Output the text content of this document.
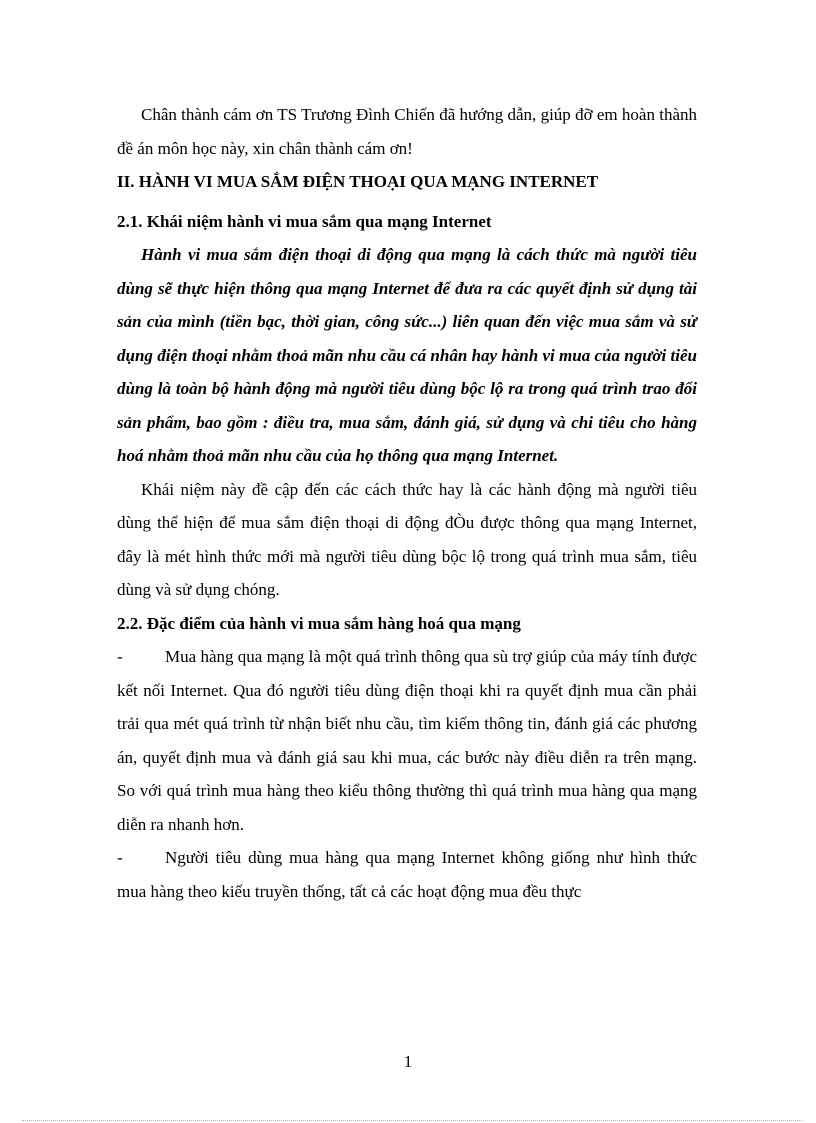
Chân thành cám ơn TS Trương Đình Chiến đã hướng dẫn, giúp đỡ em hoàn thành đề án môn học này, xin chân thành cám ơn!

II. HÀNH VI MUA SẮM ĐIỆN THOẠI QUA MẠNG INTERNET

2.1. Khái niệm hành vi mua sắm qua mạng Internet

Hành vi mua sắm điện thoại di động qua mạng là cách thức mà người tiêu dùng sẽ thực hiện thông qua mạng Internet để đưa ra các quyết định sử dụng tài sản của mình (tiền bạc, thời gian, công sức...) liên quan đến việc mua sắm và sử dụng điện thoại nhằm thoả mãn nhu cầu cá nhân hay hành vi mua của người tiêu dùng là toàn bộ hành động mà người tiêu dùng bộc lộ ra trong quá trình trao đổi sản phẩm, bao gồm : điều tra, mua sắm, đánh giá, sử dụng và chi tiêu cho hàng hoá nhằm thoả mãn nhu cầu của họ thông qua mạng Internet.

Khái niệm này đề cập đến các cách thức hay là các hành động mà người tiêu dùng thể hiện để mua sắm điện thoại di động đÒu được thông qua mạng Internet, đây là mét hình thức mới mà người tiêu dùng bộc lộ trong quá trình mua sắm, tiêu dùng và sử dụng chóng.

2.2. Đặc điểm của hành vi mua sắm hàng hoá qua mạng

-	Mua hàng qua mạng là một quá trình thông qua sù trợ giúp của máy tính được kết nối Internet. Qua đó người tiêu dùng điện thoại khi ra quyết định mua cần phải trải qua mét quá trình từ nhận biết nhu cầu, tìm kiếm thông tin, đánh giá các phương án, quyết định mua và đánh giá sau khi mua, các bước này điều diễn ra trên mạng. So với quá trình mua hàng theo kiểu thông thường thì quá trình mua hàng qua mạng diễn ra nhanh hơn.
-	Người tiêu dùng mua hàng qua mạng Internet không giống như hình thức mua hàng theo kiểu truyền thống, tất cả các hoạt động mua đều thực
1
